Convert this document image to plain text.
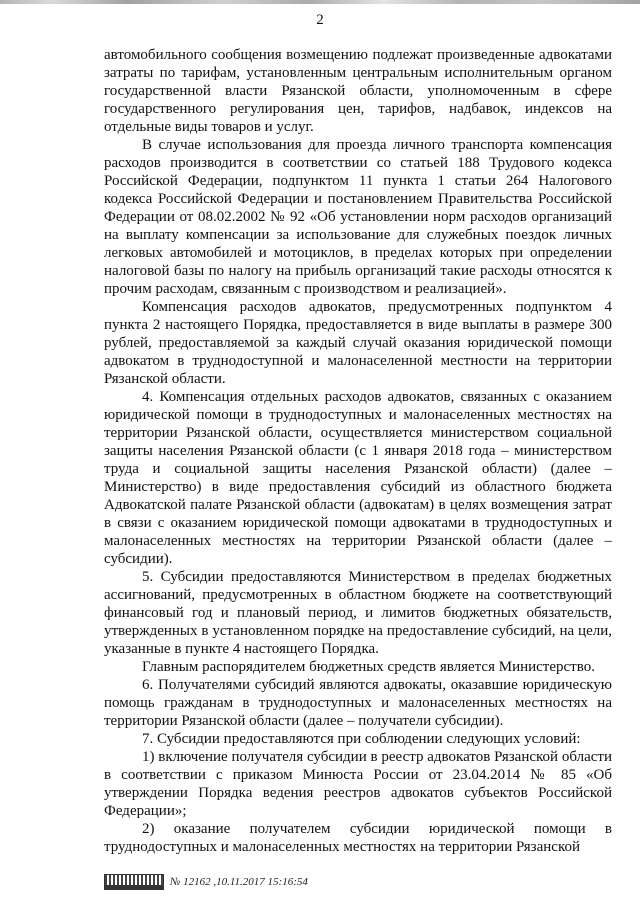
2

автомобильного сообщения возмещению подлежат произведенные адвокатами затраты по тарифам, установленным центральным исполнительным органом государственной власти Рязанской области, уполномоченным в сфере государственного регулирования цен, тарифов, надбавок, индексов на отдельные виды товаров и услуг.

В случае использования для проезда личного транспорта компенсация расходов производится в соответствии со статьей 188 Трудового кодекса Российской Федерации, подпунктом 11 пункта 1 статьи 264 Налогового кодекса Российской Федерации и постановлением Правительства Российской Федерации от 08.02.2002 № 92 «Об установлении норм расходов организаций на выплату компенсации за использование для служебных поездок личных легковых автомобилей и мотоциклов, в пределах которых при определении налоговой базы по налогу на прибыль организаций такие расходы относятся к прочим расходам, связанным с производством и реализацией».

Компенсация расходов адвокатов, предусмотренных подпунктом 4 пункта 2 настоящего Порядка, предоставляется в виде выплаты в размере 300 рублей, предоставляемой за каждый случай оказания юридической помощи адвокатом в труднодоступной и малонаселенной местности на территории Рязанской области.

4. Компенсация отдельных расходов адвокатов, связанных с оказанием юридической помощи в труднодоступных и малонаселенных местностях на территории Рязанской области, осуществляется министерством социальной защиты населения Рязанской области (с 1 января 2018 года – министерством труда и социальной защиты населения Рязанской области) (далее – Министерство) в виде предоставления субсидий из областного бюджета Адвокатской палате Рязанской области (адвокатам) в целях возмещения затрат в связи с оказанием юридической помощи адвокатами в труднодоступных и малонаселенных местностях на территории Рязанской области (далее – субсидии).

5. Субсидии предоставляются Министерством в пределах бюджетных ассигнований, предусмотренных в областном бюджете на соответствующий финансовый год и плановый период, и лимитов бюджетных обязательств, утвержденных в установленном порядке на предоставление субсидий, на цели, указанные в пункте 4 настоящего Порядка.

Главным распорядителем бюджетных средств является Министерство.

6. Получателями субсидий являются адвокаты, оказавшие юридическую помощь гражданам в труднодоступных и малонаселенных местностях на территории Рязанской области (далее – получатели субсидии).

7. Субсидии предоставляются при соблюдении следующих условий:

1) включение получателя субсидии в реестр адвокатов Рязанской области в соответствии с приказом Минюста России от 23.04.2014 № 85 «Об утверждении Порядка ведения реестров адвокатов субъектов Российской Федерации»;

2) оказание получателем субсидии юридической помощи в труднодоступных и малонаселенных местностях на территории Рязанской

№ 12162 ,10.11.2017 15:16:54
